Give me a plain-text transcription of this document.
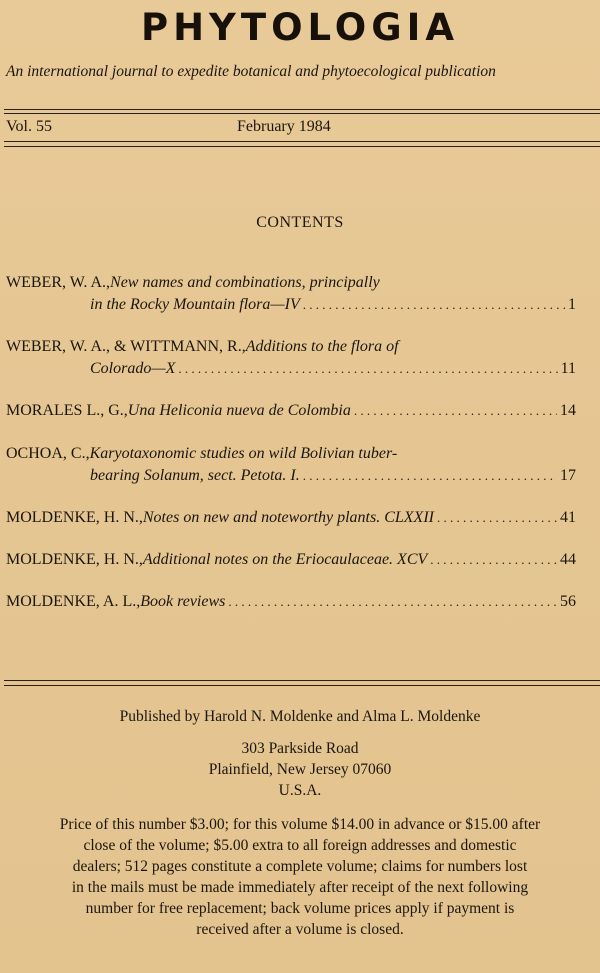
PHYTOLOGIA
An international journal to expedite botanical and phytoecological publication
Vol. 55	February 1984
CONTENTS
WEBER, W. A., New names and combinations, principally
in the Rocky Mountain flora—IV . . .	1
WEBER, W. A., & WITTMANN, R., Additions to the flora of
Colorado—X . . .	11
MORALES L., G., Una Heliconia nueva de Colombia . . .	14
OCHOA, C., Karyotaxonomic studies on wild Bolivian tuber-
bearing Solanum, sect. Petota. I. . . .	17
MOLDENKE, H. N., Notes on new and noteworthy plants. CLXXII . . .	41
MOLDENKE, H. N., Additional notes on the Eriocaulaceae. XCV . . .	44
MOLDENKE, A. L., Book reviews . . .	56
Published by Harold N. Moldenke and Alma L. Moldenke
303 Parkside Road
Plainfield, New Jersey 07060
U.S.A.
Price of this number $3.00; for this volume $14.00 in advance or $15.00 after
close of the volume; $5.00 extra to all foreign addresses and domestic
dealers; 512 pages constitute a complete volume; claims for numbers lost
in the mails must be made immediately after receipt of the next following
number for free replacement; back volume prices apply if payment is
received after a volume is closed.
